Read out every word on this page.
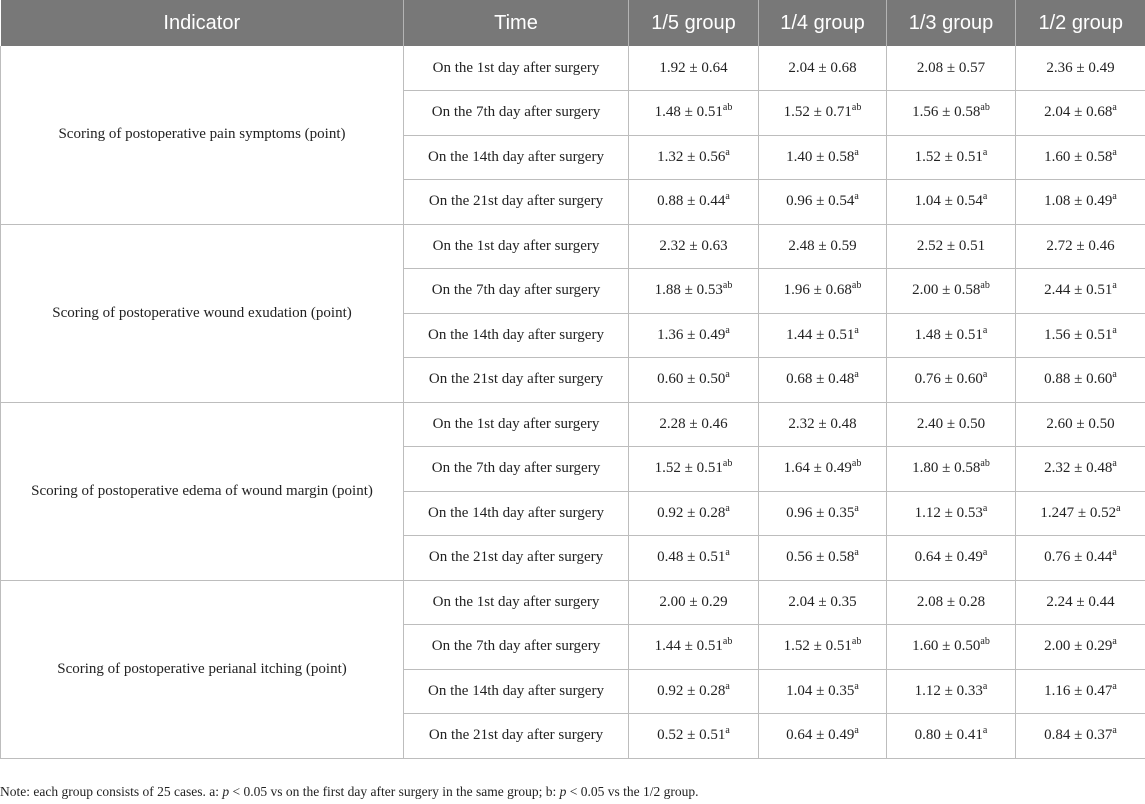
Indicator	Time	1/5 group	1/4 group	1/3 group	1/2 group
Scoring of postoperative pain symptoms (point)	On the 1st day after surgery	1.92 ± 0.64	2.04 ± 0.68	2.08 ± 0.57	2.36 ± 0.49
	On the 7th day after surgery	1.48 ± 0.51$^{ab}$	1.52 ± 0.71$^{ab}$	1.56 ± 0.58$^{ab}$	2.04 ± 0.68$^a$
	On the 14th day after surgery	1.32 ± 0.56$^a$	1.40 ± 0.58$^a$	1.52 ± 0.51$^a$	1.60 ± 0.58$^a$
	On the 21st day after surgery	0.88 ± 0.44$^a$	0.96 ± 0.54$^a$	1.04 ± 0.54$^a$	1.08 ± 0.49$^a$
Scoring of postoperative wound exudation (point)	On the 1st day after surgery	2.32 ± 0.63	2.48 ± 0.59	2.52 ± 0.51	2.72 ± 0.46
	On the 7th day after surgery	1.88 ± 0.53$^{ab}$	1.96 ± 0.68$^{ab}$	2.00 ± 0.58$^{ab}$	2.44 ± 0.51$^a$
	On the 14th day after surgery	1.36 ± 0.49$^a$	1.44 ± 0.51$^a$	1.48 ± 0.51$^a$	1.56 ± 0.51$^a$
	On the 21st day after surgery	0.60 ± 0.50$^a$	0.68 ± 0.48$^a$	0.76 ± 0.60$^a$	0.88 ± 0.60$^a$
Scoring of postoperative edema of wound margin (point)	On the 1st day after surgery	2.28 ± 0.46	2.32 ± 0.48	2.40 ± 0.50	2.60 ± 0.50
	On the 7th day after surgery	1.52 ± 0.51$^{ab}$	1.64 ± 0.49$^{ab}$	1.80 ± 0.58$^{ab}$	2.32 ± 0.48$^a$
	On the 14th day after surgery	0.92 ± 0.28$^a$	0.96 ± 0.35$^a$	1.12 ± 0.53$^a$	1.247 ± 0.52$^a$
	On the 21st day after surgery	0.48 ± 0.51$^a$	0.56 ± 0.58$^a$	0.64 ± 0.49$^a$	0.76 ± 0.44$^a$
Scoring of postoperative perianal itching (point)	On the 1st day after surgery	2.00 ± 0.29	2.04 ± 0.35	2.08 ± 0.28	2.24 ± 0.44
	On the 7th day after surgery	1.44 ± 0.51$^{ab}$	1.52 ± 0.51$^{ab}$	1.60 ± 0.50$^{ab}$	2.00 ± 0.29$^a$
	On the 14th day after surgery	0.92 ± 0.28$^a$	1.04 ± 0.35$^a$	1.12 ± 0.33$^a$	1.16 ± 0.47$^a$
	On the 21st day after surgery	0.52 ± 0.51$^a$	0.64 ± 0.49$^a$	0.80 ± 0.41$^a$	0.84 ± 0.37$^a$
Note: each group consists of 25 cases. a: p < 0.05 vs on the first day after surgery in the same group; b: p < 0.05 vs the 1/2 group.
